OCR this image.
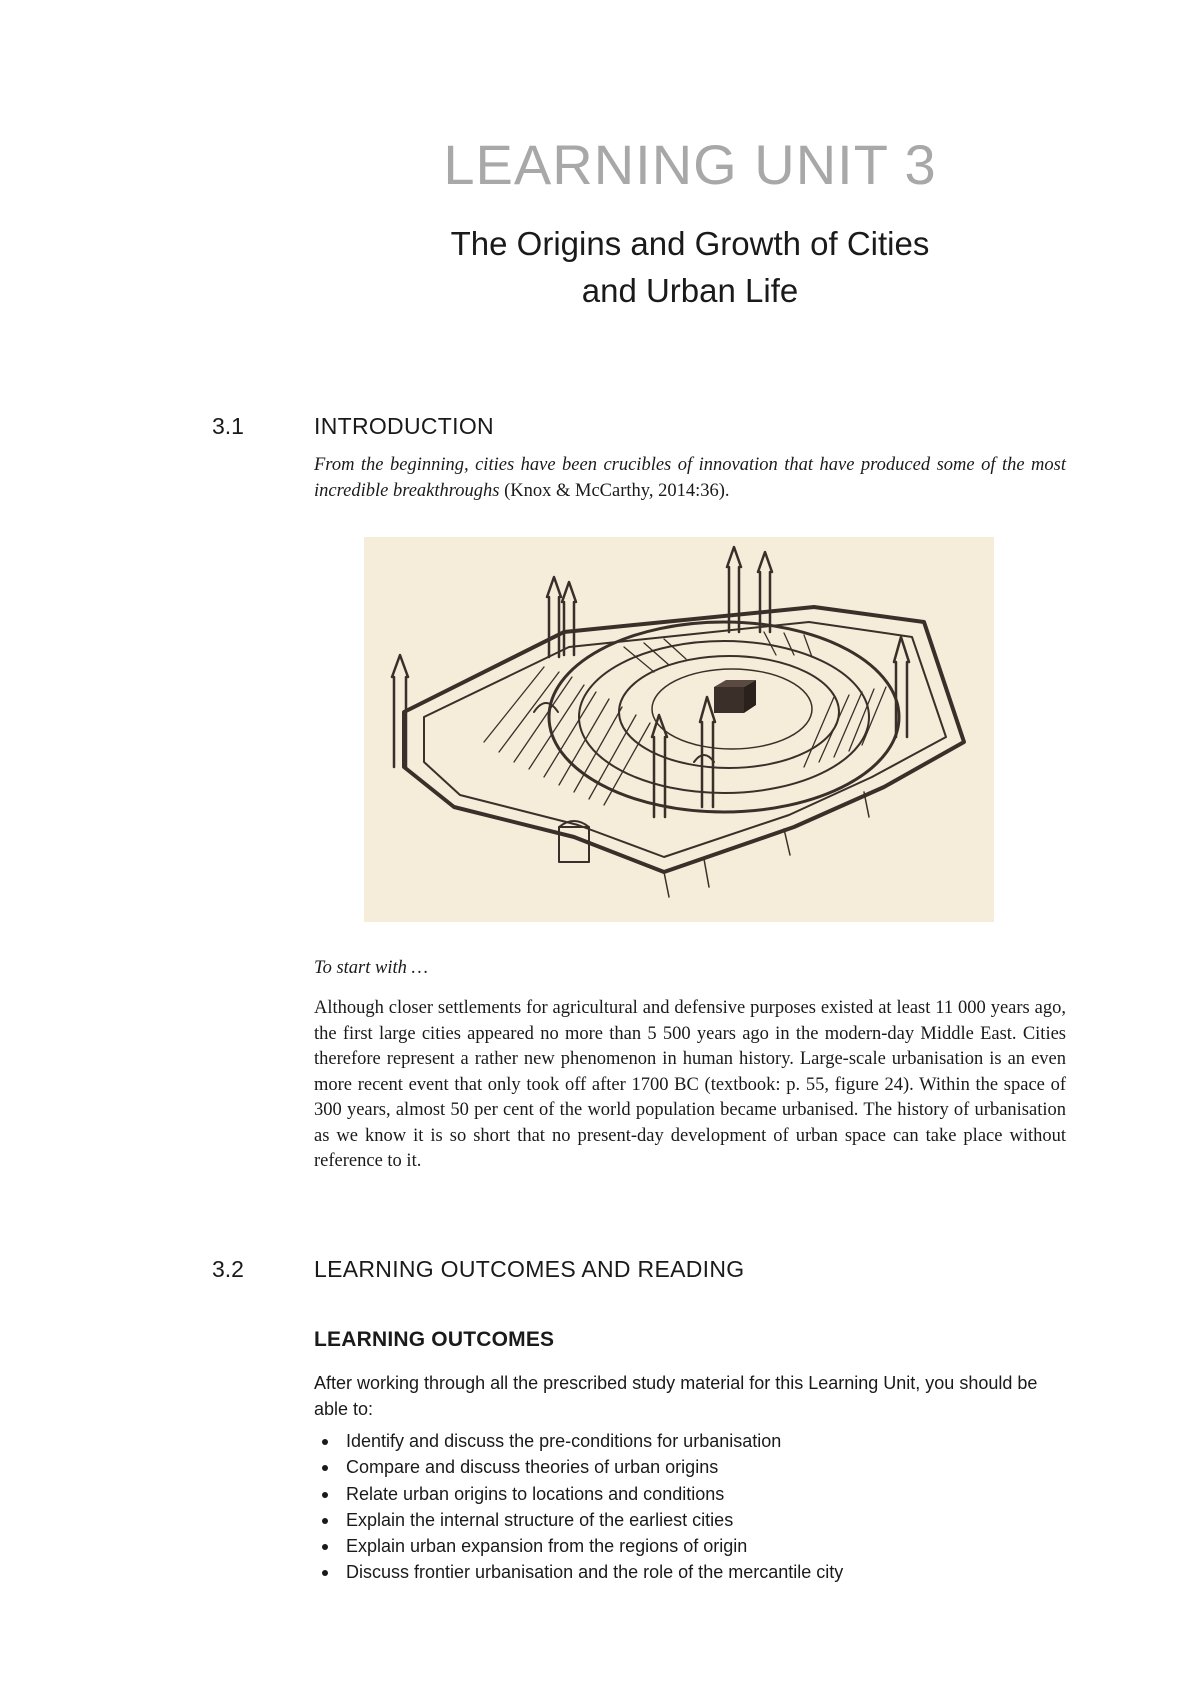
LEARNING UNIT 3
The Origins and Growth of Cities
and Urban Life
3.1	INTRODUCTION
From the beginning, cities have been crucibles of innovation that have produced some of the most incredible breakthroughs (Knox & McCarthy, 2014:36).
To start with …
Although closer settlements for agricultural and defensive purposes existed at least 11 000 years ago, the first large cities appeared no more than 5 500 years ago in the modern-day Middle East. Cities therefore represent a rather new phenomenon in human history. Large-scale urbanisation is an even more recent event that only took off after 1700 BC (textbook: p. 55, figure 24). Within the space of 300 years, almost 50 per cent of the world population became urbanised. The history of urbanisation as we know it is so short that no present-day development of urban space can take place without reference to it.
3.2	LEARNING OUTCOMES AND READING
LEARNING OUTCOMES
After working through all the prescribed study material for this Learning Unit, you should be able to:
Identify and discuss the pre-conditions for urbanisation
Compare and discuss theories of urban origins
Relate urban origins to locations and conditions
Explain the internal structure of the earliest cities
Explain urban expansion from the regions of origin
Discuss frontier urbanisation and the role of the mercantile city
